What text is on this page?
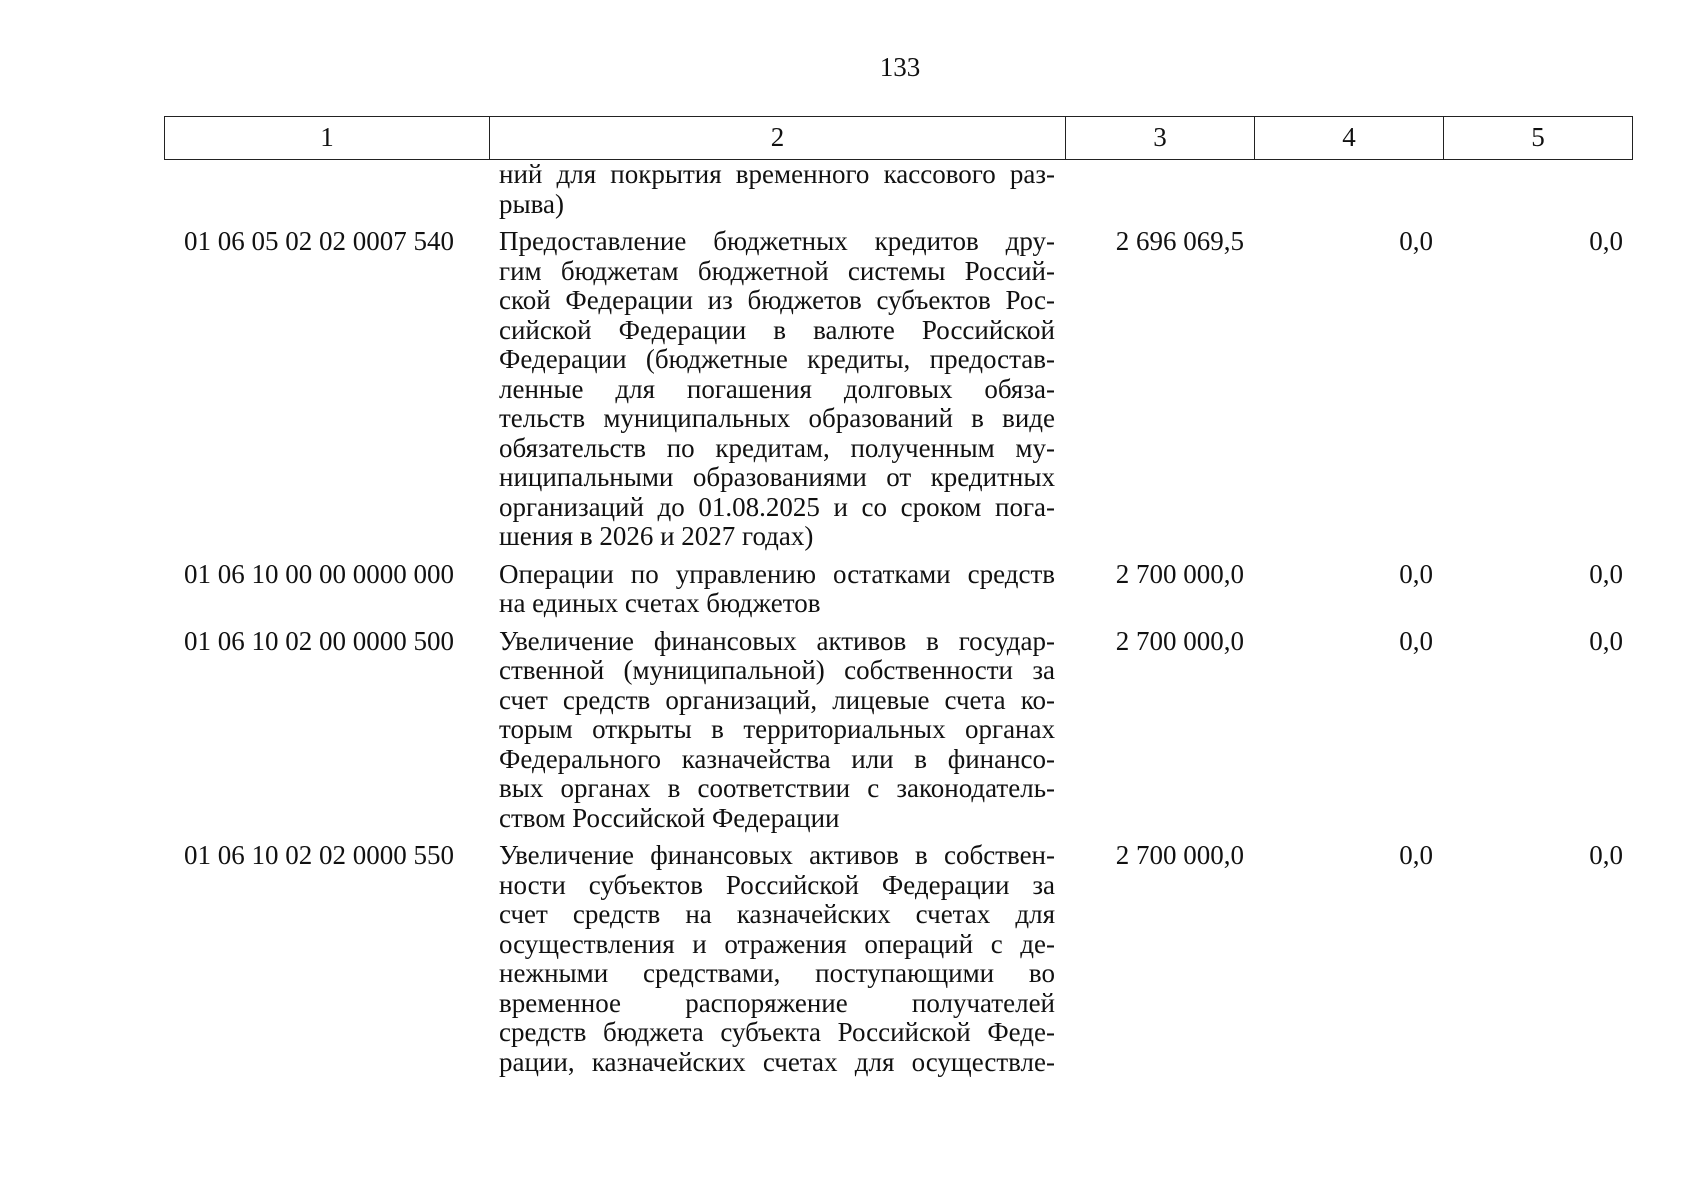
133
1	2	3	4	5
ний для покрытия временного кассового раз-
рыва)
01 06 05 02 02 0007 540	Предоставление бюджетных кредитов дру-
гим бюджетам бюджетной системы Россий-
ской Федерации из бюджетов субъектов Рос-
сийской Федерации в валюте Российской
Федерации (бюджетные кредиты, предостав-
ленные для погашения долговых обяза-
тельств муниципальных образований в виде
обязательств по кредитам, полученным му-
ниципальными образованиями от кредитных
организаций до 01.08.2025 и со сроком пога-
шения в 2026 и 2027 годах)
2 696 069,5	0,0	0,0
01 06 10 00 00 0000 000	Операции по управлению остатками средств
на единых счетах бюджетов
2 700 000,0	0,0	0,0
01 06 10 02 00 0000 500	Увеличение финансовых активов в государ-
ственной (муниципальной) собственности за
счет средств организаций, лицевые счета ко-
торым открыты в территориальных органах
Федерального казначейства или в финансо-
вых органах в соответствии с законодатель-
ством Российской Федерации
2 700 000,0	0,0	0,0
01 06 10 02 02 0000 550	Увеличение финансовых активов в собствен-
ности субъектов Российской Федерации за
счет средств на казначейских счетах для
осуществления и отражения операций с де-
нежными средствами, поступающими во
временное распоряжение получателей
средств бюджета субъекта Российской Феде-
рации, казначейских счетах для осуществле-
2 700 000,0	0,0	0,0
